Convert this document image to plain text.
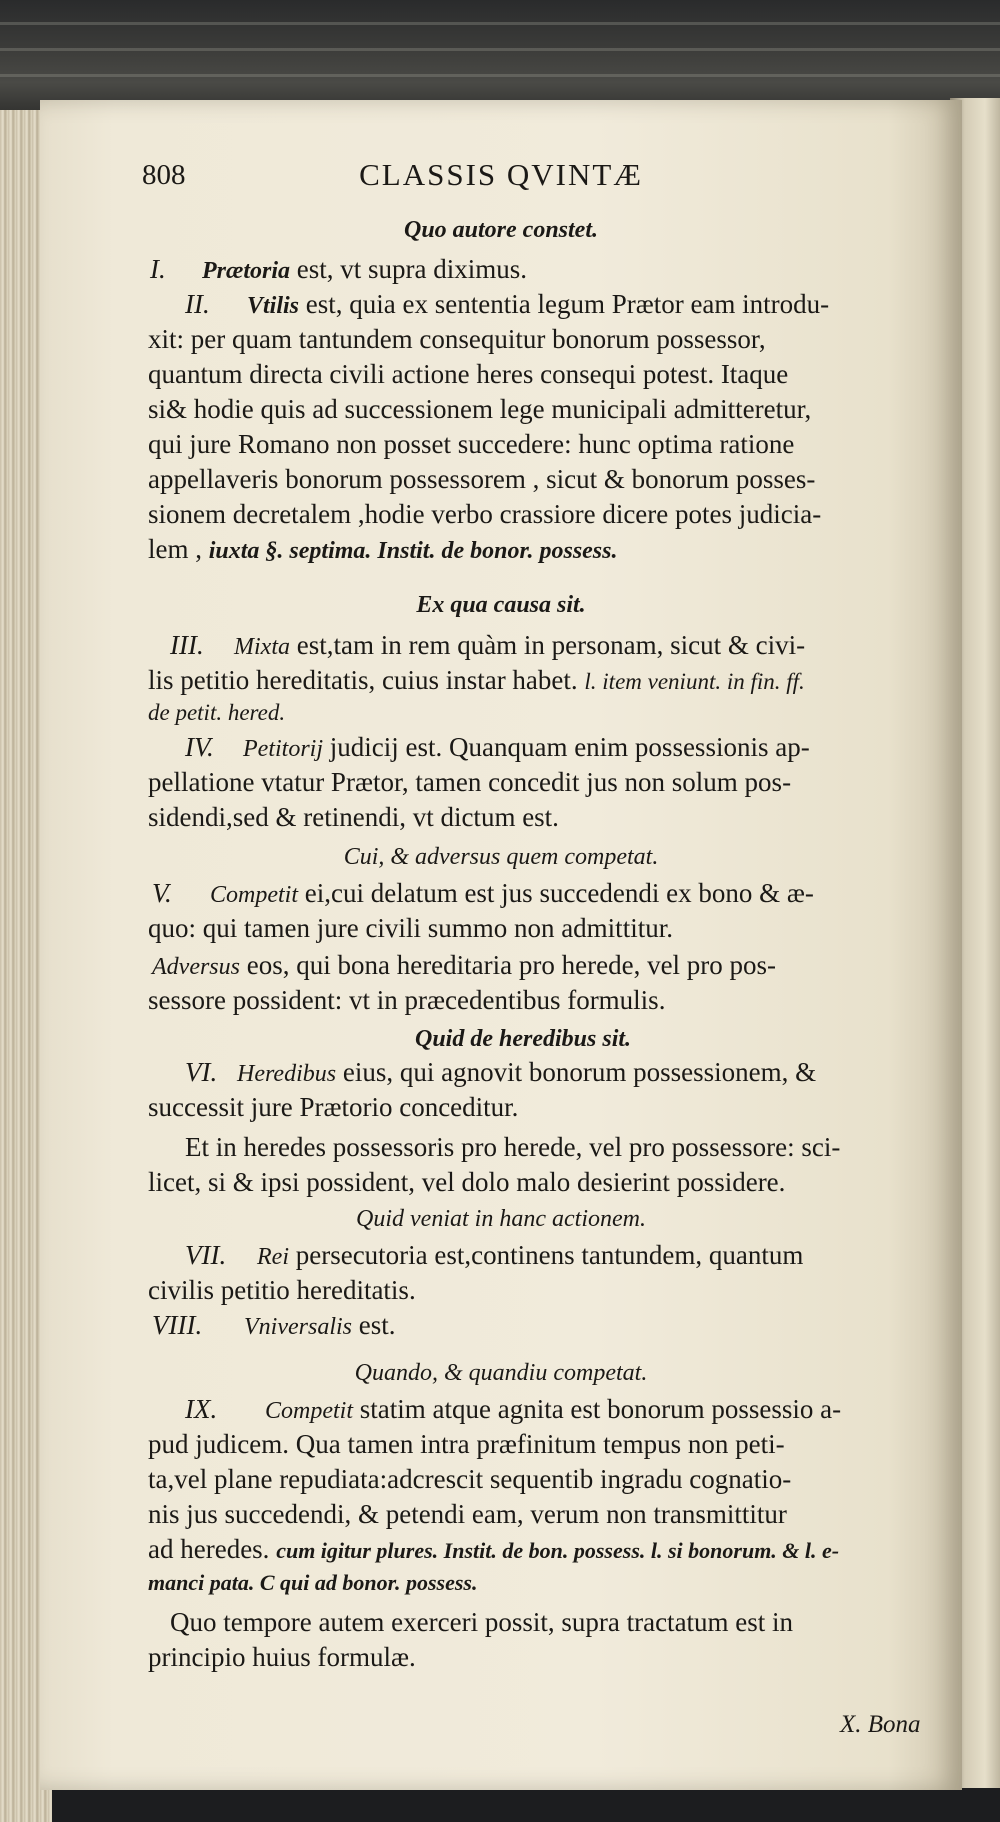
808	CLASSIS QVINTÆ
Quo autore constet.
I. Prætoria est, vt supra diximus.
II. Vtilis est, quia ex sententia legum Prætor eam introdu-
xit: per quam tantundem consequitur bonorum possessor,
quantum directa civili actione heres consequi potest. Itaque
si& hodie quis ad successionem lege municipali admitteretur,
qui jure Romano non posset succedere: hunc optima ratione
appellaveris bonorum possessorem , sicut & bonorum posses-
sionem decretalem ,hodie verbo crassiore dicere potes judicia-
lem , iuxta §. septima. Instit. de bonor. possess.
Ex qua causa sit.
III. Mixta est,tam in rem quàm in personam, sicut & civi-
lis petitio hereditatis, cuius instar habet. l. item veniunt. in fin. ff.
de petit. hered.
IV. Petitorij judicij est. Quanquam enim possessionis ap-
pellatione vtatur Prætor, tamen concedit jus non solum pos-
sidendi,sed & retinendi, vt dictum est.
Cui, & adversus quem competat.
V. Competit ei,cui delatum est jus succedendi ex bono & æ-
quo: qui tamen jure civili summo non admittitur.
Adversus eos, qui bona hereditaria pro herede, vel pro pos-
sessore possident: vt in præcedentibus formulis.
Quid de heredibus sit.
VI. Heredibus eius, qui agnovit bonorum possessionem, &
successit jure Prætorio conceditur.
Et in heredes possessoris pro herede, vel pro possessore: sci-
licet, si & ipsi possident, vel dolo malo desierint possidere.
Quid veniat in hanc actionem.
VII. Rei persecutoria est,continens tantundem, quantum
civilis petitio hereditatis.
VIII. Vniversalis est.
Quando, & quandiu competat.
IX. Competit statim atque agnita est bonorum possessio a-
pud judicem. Qua tamen intra præfinitum tempus non peti-
ta,vel plane repudiata:adcrescit sequentib ingradu cognatio-
nis jus succedendi, & petendi eam, verum non transmittitur
ad heredes. cum igitur plures. Instit. de bon. possess. l. si bonorum. & l. e-
manci pata. C qui ad bonor. possess.
Quo tempore autem exerceri possit, supra tractatum est in
principio huius formulæ.
X. Bona
